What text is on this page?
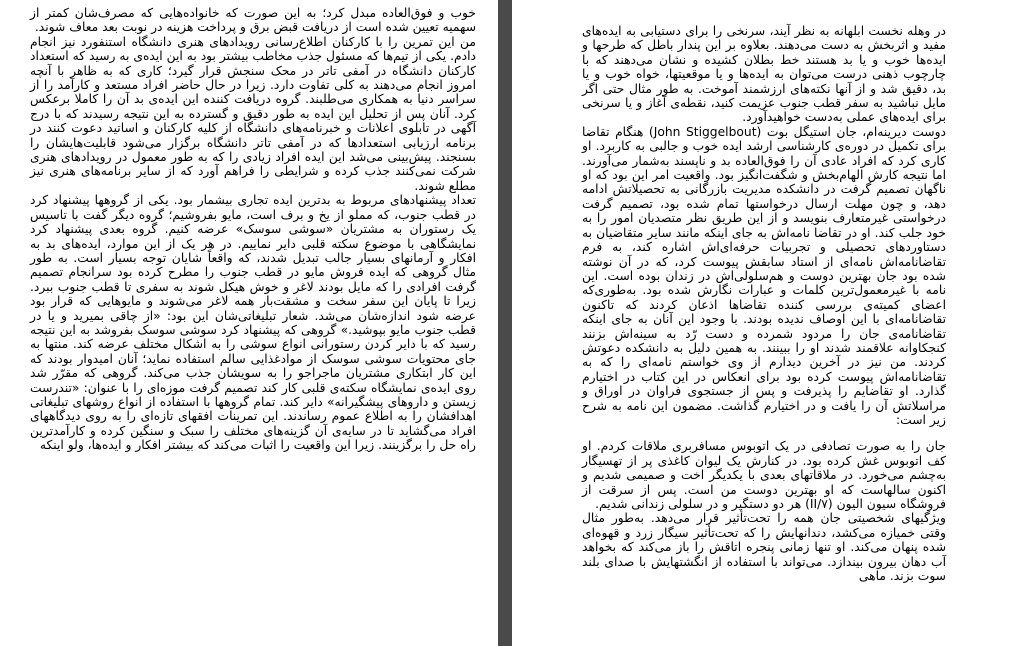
خوب و فوق‌العاده مبدل کرد؛ به این صورت که خانواده‌هایی که مصرف‌شان کمتر از سهمیه تعیین شده است از دریافت قبض برق و پرداخت هزینه در نوبت بعد معاف شوند.

من این تمرین را با کارکنان اطلاع‌رسانی رویدادهای هنری دانشگاه استنفورد نیز انجام دادم. یکی از تیم‌ها که مسئول جذب مخاطب بیشتر بود به این ایده‌ی به رسید که استعداد کارکنان دانشگاه در آمفی تاتر در محک سنجش قرار گیرد؛ کاری که به ظاهر با آنچه امروز انجام می‌دهند به کلی تفاوت دارد. زیرا در حال حاضر افراد مستعد و کارآمد را از سراسر دنیا به همکاری می‌طلبند. گروه دریافت کننده این ایده‌ی بد آن را کاملا برعکس کرد. آنان پس از تحلیل این ایده به طور دقیق و گسترده به این نتیجه رسیدند که با درج آگهی در تابلوی اعلانات و خبرنامه‌های دانشگاه از کلیه کارکنان و اساتید دعوت کنند در برنامه ارزیابی استعدادها که در آمفی تاتر دانشگاه برگزار می‌شود قابلیت‌هایشان را بسنجند. پیش‌بینی می‌شد این ایده افراد زیادی را که به طور معمول در رویدادهای هنری شرکت نمی‌کنند جذب کرده و شرایطی را فراهم آورد که از سایر برنامه‌های هنری نیز مطلع شوند.

تعداد پیشنهادهای مربوط به بدترین ایده تجاری بیشمار بود. یکی از گروهها پیشنهاد کرد در قطب جنوب، که مملو از یخ و برف است، مایو بفروشیم؛ گروه دیگر گفت با تاسیس یک رستوران به مشتریان «سوشی سوسک» عرضه کنیم. گروه بعدی پیشنهاد کرد نمایشگاهی با موضوع سکته قلبی دایر نماییم. در هر یک از این موارد، ایده‌های بد به افکار و آرمانهای بسیار جالب تبدیل شدند، که واقعاً شایان توجه بسیار است. به طور مثال گروهی که ایده فروش مایو در قطب جنوب را مطرح کرده بود سرانجام تصمیم گرفت افرادی را که مایل بودند لاغر و خوش هیکل شوند به سفری تا قطب جنوب ببرد. زیرا تا پایان این سفر سخت و مشقت‌بار همه لاغر می‌شوند و مایوهایی که قرار بود عرضه شود اندازه‌شان می‌شد. شعار تبلیغاتی‌شان این بود: «از چاقی بمیرید و یا در قطب جنوب مایو بپوشید.» گروهی که پیشنهاد کرد سوشی سوسک بفروشد به این نتیجه رسید که با دایر کردن رستورانی انواع سوشی را به اشکال مختلف عرضه کند. منتها به جای محتویات سوشی سوسک از موادغذایی سالم استفاده نماید؛ آنان امیدوار بودند که این کار ابتکاری مشتریان ماجراجو را به سویشان جذب می‌کند. گروهی که مقرّر شد روی ایده‌ی نمایشگاه سکته‌ی قلبی کار کند تصمیم گرفت موزه‌ای را با عنوان: «تندرست زیستن و داروهای پیشگیرانه» دایر کند. تمام گروهها با استفاده از انواع روشهای تبلیغاتی اهدافشان را به اطلاع عموم رساندند. این تمرینات افقهای تازه‌ای را به روی دیدگاههای افراد می‌گشاید تا در سایه‌ی آن گزینه‌های مختلف را سبک و سنگین کرده و کارآمدترین راه حل را برگزینند. زیرا این واقعیت را اثبات می‌کند که بیشتر افکار و ایده‌ها، ولو اینکه

در وهله نخست ابلهانه به نظر آیند، سرنخی را برای دستیابی به ایده‌های مفید و اثربخش به دست می‌دهند. بعلاوه بر این پندار باطل که طرحها و ایده‌ها خوب و یا بد هستند خط بطلان کشیده و نشان می‌دهند که با چارچوب ذهنی درست می‌توان به ایده‌ها و یا موقعیتها، خواه خوب و یا بد، دقیق شد و از آنها نکته‌های ارزشمند آموخت. به طور مثال حتی اگر مایل نباشید به سفر قطب جنوب عزیمت کنید، نقطه‌ی آغاز و یا سرنخی برای ایده‌های عملی به‌دست خواهیدآورد.

دوست دیرینه‌ام، جان استیگل بوت (John Stiggelbout) هنگام تقاضا برای تکمیل در دوره‌ی کارشناسی ارشد ایده خوب و جالبی به کاربرد. او کاری کرد که افراد عادی آن را فوق‌العاده بد و ناپسند به‌شمار می‌آورند. اما نتیجه کارش الهام‌بخش و شگفت‌انگیز بود. واقعیت امر این بود که او ناگهان تصمیم گرفت در دانشکده مدیریت بازرگانی به تحصیلاتش ادامه دهد، و چون مهلت ارسال درخواستها تمام شده بود، تصمیم گرفت درخواستی غیرمتعارف بنویسد و از این طریق نظر متصدیان امور را به خود جلب کند. او در تقاضا نامه‌اش به جای اینکه مانند سایر متقاضیان به دستاوردهای تحصیلی و تجربیات حرفه‌ای‌اش اشاره کند، به فرم تقاضانامه‌اش نامه‌ای از استاد سابقش پیوست کرد، که در آن نوشته شده بود جان بهترین دوست و هم‌سلولی‌اش در زندان بوده است. این نامه با غیرمعمول‌ترین کلمات و عبارات نگارش شده بود. به‌طوری‌که اعضای کمیته‌ی بررسی کننده تقاضاها اذعان کردند که تاکنون تقاضانامه‌ای با این اوصاف ندیده بودند. با وجود این آنان به جای اینکه تقاضانامه‌ی جان را مردود شمرده و دست رّد به سینه‌اش بزنند کنجکاوانه علاقمند شدند او را ببینند. به همین دلیل به دانشکده دعوتش کردند. من نیز در آخرین دیدارم از وی خواستم نامه‌ای را که به تقاضانامه‌اش پیوست کرده بود برای انعکاس در این کتاب در اختیارم گذارد. او تقاضایم را پذیرفت و پس از جستجوی فراوان در اوراق و مراسلاتش آن را یافت و در اختیارم گذاشت. مضمون این نامه به شرح زیر است:

جان را به صورت تصادفی در یک اتوبوس مسافربری ملاقات کردم. او کف اتوبوس غش کرده بود. در کنارش یک لیوان کاغذی پر از تهسیگار به‌چشم می‌خورد. در ملاقاتهای بعدی با یکدیگر اخت و صمیمی شدیم و اکنون سالهاست که او بهترین دوست من است. پس از سرقت از فروشگاه سیون الیون (II/۷) هر دو دستگیر و در سلولی زندانی شدیم.

ویژگیهای شخصیتی جان همه را تحت‌تأثیر قرار می‌دهد. به‌طور مثال وقتی خمیازه می‌کشد، دندانهایش را که تحت‌تأثیر سیگار زرد و قهوه‌ای شده پنهان می‌کند. او تنها زمانی پنجره اتاقش را باز می‌کند که بخواهد آب دهان بیرون بیندازد. می‌تواند با استفاده از انگشتهایش با صدای بلند سوت بزند. ماهی
